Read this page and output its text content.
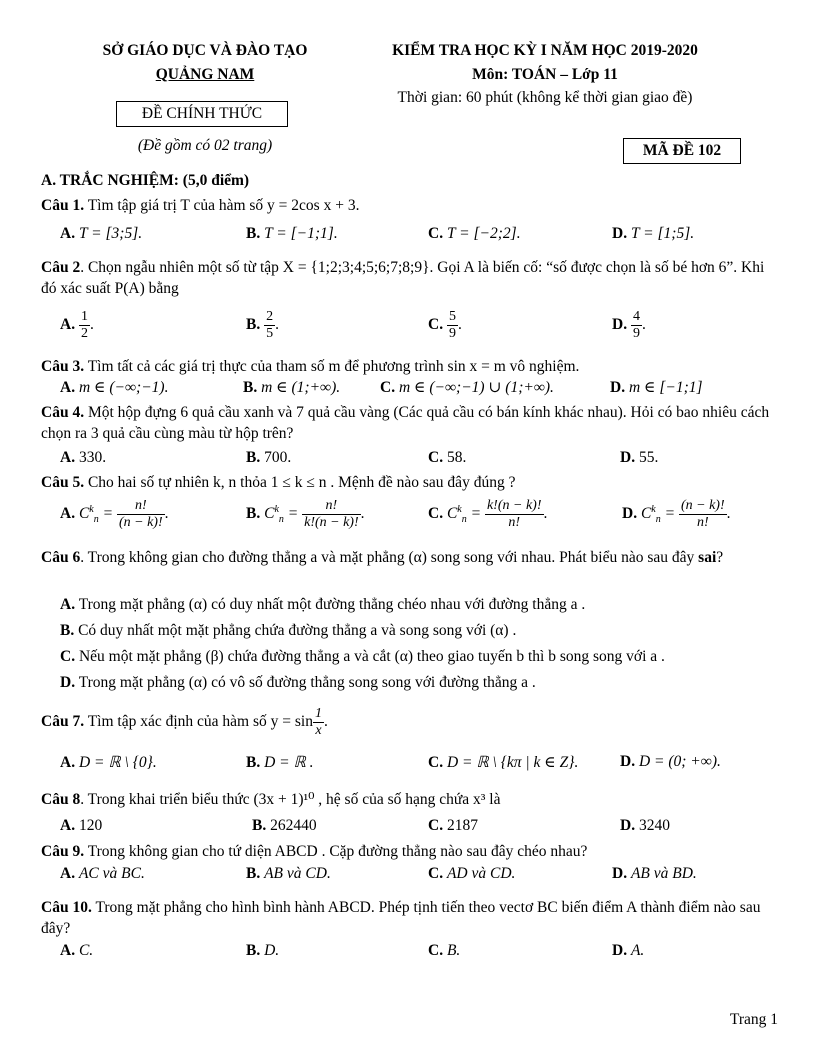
SỞ GIÁO DỤC VÀ ĐÀO TẠO
QUẢNG NAM
ĐỀ CHÍNH THỨC
(Đề gồm có 02 trang)
KIỂM TRA HỌC KỲ I NĂM HỌC 2019-2020
Môn: TOÁN – Lớp 11
Thời gian: 60 phút (không kể thời gian giao đề)
MÃ ĐỀ 102
A. TRẮC NGHIỆM: (5,0 điểm)
Câu 1. Tìm tập giá trị T của hàm số y = 2cos x + 3.
A. T = [3;5].	B. T = [−1;1].	C. T = [−2;2].	D. T = [1;5].
Câu 2. Chọn ngẫu nhiên một số từ tập X = {1;2;3;4;5;6;7;8;9}. Gọi A là biến cố: “số được chọn là số bé hơn 6”. Khi đó xác suất P(A) bằng
A. $\frac{1}{2}$ .	B. $\frac{2}{5}$ .	C. $\frac{5}{9}$ .	D. $\frac{4}{9}$ .
Câu 3. Tìm tất cả các giá trị thực của tham số m để phương trình sin x = m vô nghiệm.
A. m ∈ (−∞;−1).	B. m ∈ (1;+∞).	C. m ∈ (−∞;−1) ∪ (1;+∞).	D. m ∈ [−1;1]
Câu 4. Một hộp đựng 6 quả cầu xanh và 7 quả cầu vàng (Các quả cầu có bán kính khác nhau). Hỏi có bao nhiêu cách chọn ra 3 quả cầu cùng màu từ hộp trên?
A. 330.	B. 700.	C. 58.	D. 55.
Câu 5. Cho hai số tự nhiên k, n thỏa 1 ≤ k ≤ n . Mệnh đề nào sau đây đúng ?
A. $C^k_n = \frac{n!}{(n - k)!}$ .	B. $C^k_n = \frac{n!}{k!(n - k)!}$ .	C. $C^k_n = \frac{k!(n - k)!}{n!}$ .	D. $C^k_n = \frac{(n - k)!}{n!}$ .
Câu 6. Trong không gian cho đường thẳng a và mặt phẳng (α) song song với nhau. Phát biểu nào sau đây sai?
A. Trong mặt phẳng (α) có duy nhất một đường thẳng chéo nhau với đường thẳng a .
B. Có duy nhất một mặt phẳng chứa đường thẳng a và song song với (α) .
C. Nếu một mặt phẳng (β) chứa đường thẳng a và cắt (α) theo giao tuyến b thì b song song với a .
D. Trong mặt phẳng (α) có vô số đường thẳng song song với đường thẳng a .
Câu 7. Tìm tập xác định của hàm số $y = \sin \frac{1}{x}$ .
A. D = ℝ \ {0}.	B. D = ℝ .	C. D = ℝ \ {kπ | k ∈ Z}.	D. D = (0; +∞).
Câu 8. Trong khai triển biểu thức (3x + 1)¹⁰ , hệ số của số hạng chứa x³ là
A. 120	B. 262440	C. 2187	D. 3240
Câu 9. Trong không gian cho tứ diện ABCD . Cặp đường thẳng nào sau đây chéo nhau?
A. AC và BC.	B. AB và CD.	C. AD và CD.	D. AB và BD.
Câu 10. Trong mặt phẳng cho hình bình hành ABCD. Phép tịnh tiến theo vectơ BC biến điểm A thành điểm nào sau đây?
A. C.	B. D.	C. B.	D. A.
Trang 1
